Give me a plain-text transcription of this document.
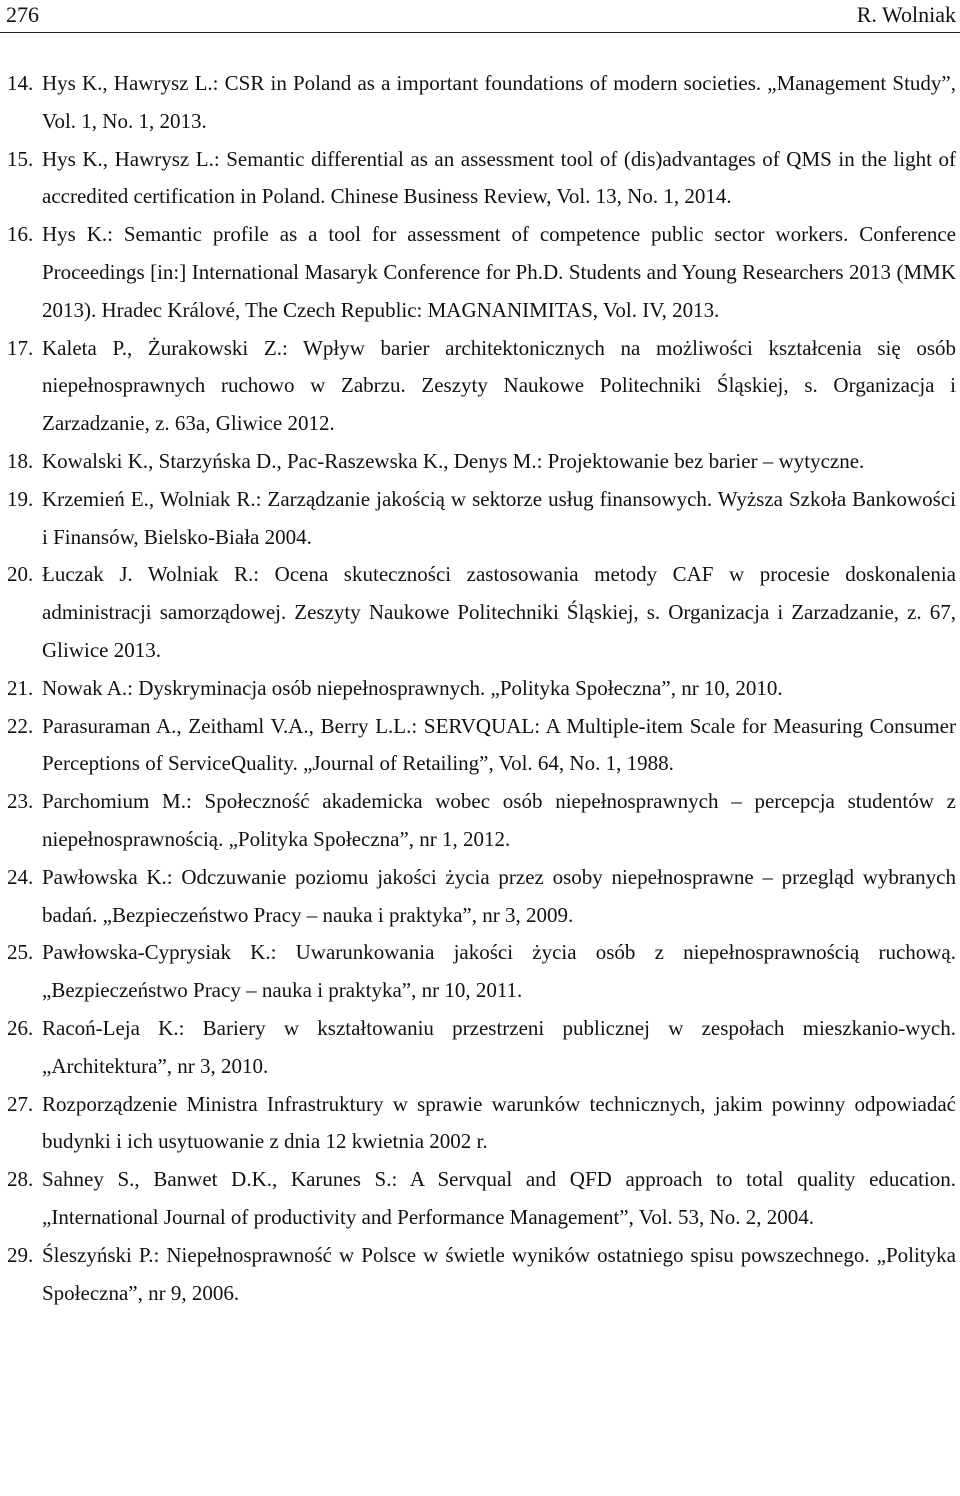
276	R. Wolniak
14. Hys K., Hawrysz L.: CSR in Poland as a important foundations of modern societies. „Management Study”, Vol. 1, No. 1, 2013.
15. Hys K., Hawrysz L.: Semantic differential as an assessment tool of (dis)advantages of QMS in the light of accredited certification in Poland. Chinese Business Review, Vol. 13, No. 1, 2014.
16. Hys K.: Semantic profile as a tool for assessment of competence public sector workers. Conference Proceedings [in:] International Masaryk Conference for Ph.D. Students and Young Researchers 2013 (MMK 2013). Hradec Králové, The Czech Republic: MAGNANIMITAS, Vol. IV, 2013.
17. Kaleta P., Żurakowski Z.: Wpływ barier architektonicznych na możliwości kształcenia się osób niepełnosprawnych ruchowo w Zabrzu. Zeszyty Naukowe Politechniki Śląskiej, s. Organizacja i Zarzadzanie, z. 63a, Gliwice 2012.
18. Kowalski K., Starzyńska D., Pac-Raszewska K., Denys M.: Projektowanie bez barier – wytyczne.
19. Krzemień E., Wolniak R.: Zarządzanie jakością w sektorze usług finansowych. Wyższa Szkoła Bankowości i Finansów, Bielsko-Biała 2004.
20. Łuczak J. Wolniak R.: Ocena skuteczności zastosowania metody CAF w procesie doskonalenia administracji samorządowej. Zeszyty Naukowe Politechniki Śląskiej, s. Organizacja i Zarzadzanie, z. 67, Gliwice 2013.
21. Nowak A.: Dyskryminacja osób niepełnosprawnych. „Polityka Społeczna”, nr 10, 2010.
22. Parasuraman A., Zeithaml V.A., Berry L.L.: SERVQUAL: A Multiple-item Scale for Measuring Consumer Perceptions of ServiceQuality. „Journal of Retailing”, Vol. 64, No. 1, 1988.
23. Parchomium M.: Społeczność akademicka wobec osób niepełnosprawnych – percepcja studentów z niepełnosprawnością. „Polityka Społeczna”, nr 1, 2012.
24. Pawłowska K.: Odczuwanie poziomu jakości życia przez osoby niepełnosprawne – przegląd wybranych badań. „Bezpieczeństwo Pracy – nauka i praktyka”, nr 3, 2009.
25. Pawłowska-Cyprysiak K.: Uwarunkowania jakości życia osób z niepełnosprawnością ruchową. „Bezpieczeństwo Pracy – nauka i praktyka”, nr 10, 2011.
26. Racoń-Leja K.: Bariery w kształtowaniu przestrzeni publicznej w zespołach mieszkanio-wych. „Architektura”, nr 3, 2010.
27. Rozporządzenie Ministra Infrastruktury w sprawie warunków technicznych, jakim powinny odpowiadać budynki i ich usytuowanie z dnia 12 kwietnia 2002 r.
28. Sahney S., Banwet D.K., Karunes S.: A Servqual and QFD approach to total quality education. „International Journal of productivity and Performance Management”, Vol. 53, No. 2, 2004.
29. Śleszyński P.: Niepełnosprawność w Polsce w świetle wyników ostatniego spisu powszechnego. „Polityka Społeczna”, nr 9, 2006.
